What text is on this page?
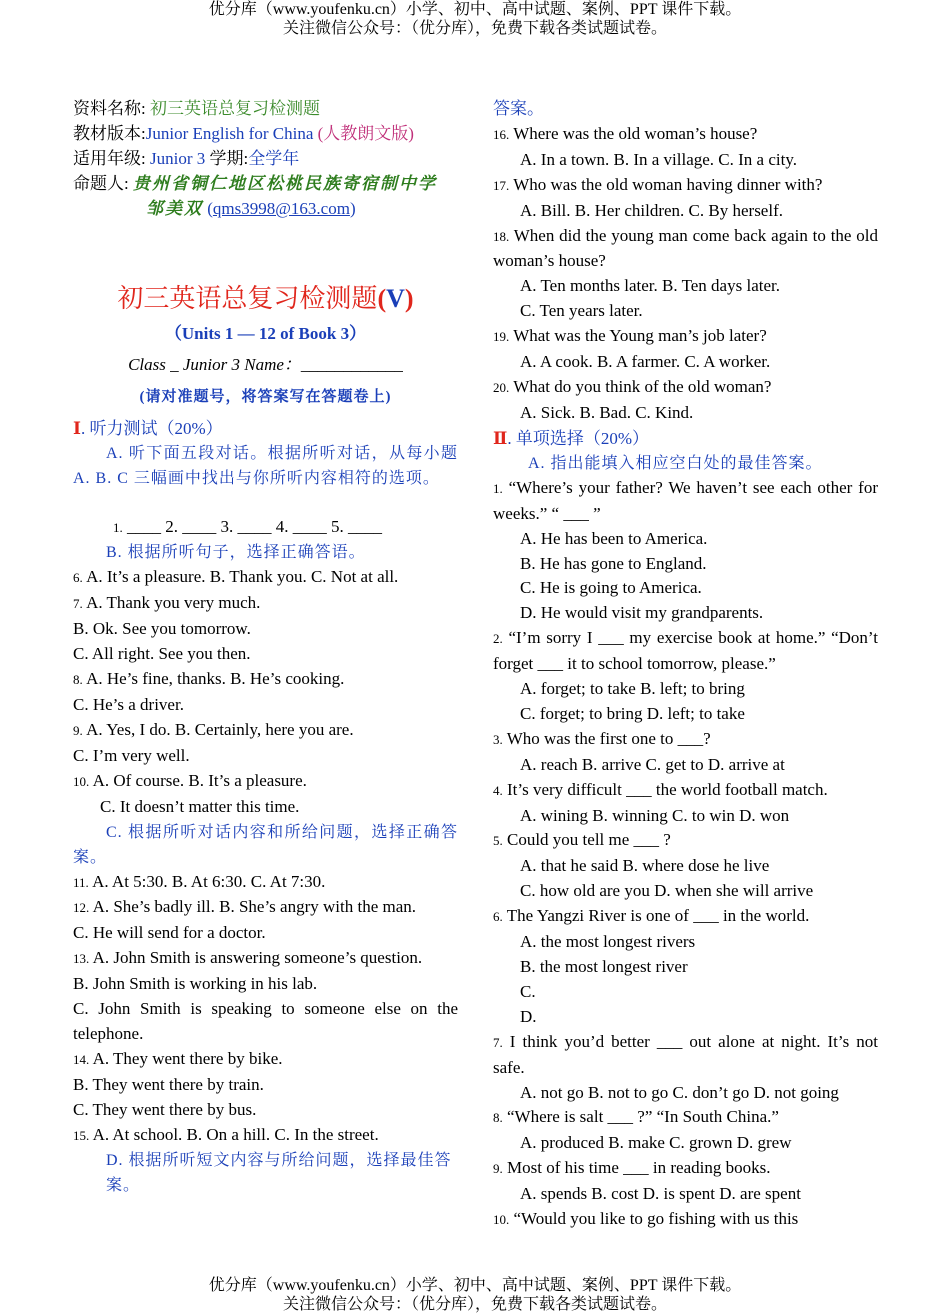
优分库（www.youfenku.cn）小学、初中、高中试题、案例、PPT 课件下载。

关注微信公众号：（优分库），免费下载各类试题试卷。

资料名称: 初三英语总复习检测题
教材版本:Junior English for China (人教朗文版)
适用年级: Junior 3 学期:全学年
命题人: 贵州省铜仁地区松桃民族寄宿制中学
邹美双 (qms3998@163.com)
初三英语总复习检测题(V)
（Units 1 — 12 of Book 3）
Class _ Junior 3 Name：____________
(请对准题号，将答案写在答题卷上)
Ⅰ. 听力测试（20%）
A. 听下面五段对话。根据所听对话，从每小题 A. B. C 三幅画中找出与你所听内容相符的选项。
1. ____ 2. ____ 3. ____ 4. ____ 5. ____
B. 根据所听句子，选择正确答语。
6. A. It’s a pleasure. B. Thank you. C. Not at all.
7. A. Thank you very much.
B. Ok. See you tomorrow.
C. All right. See you then.
8. A. He’s fine, thanks. B. He’s cooking.
C. He’s a driver.
9. A. Yes, I do. B. Certainly, here you are.
C. I’m very well.
10. A. Of course. B. It’s a pleasure.
C. It doesn’t matter this time.
C. 根据所听对话内容和所给问题，选择正确答案。
11. A. At 5:30. B. At 6:30. C. At 7:30.
12. A. She’s badly ill. B. She’s angry with the man.
C. He will send for a doctor.
13. A. John Smith is answering someone’s question.
B. John Smith is working in his lab.
C. John Smith is speaking to someone else on the telephone.
14. A. They went there by bike.
B. They went there by train.
C. They went there by bus.
15. A. At school. B. On a hill. C. In the street.
D. 根据所听短文内容与所给问题，选择最佳答案。
答案。
16. Where was the old woman’s house?
A. In a town. B. In a village. C. In a city.
17. Who was the old woman having dinner with?
A. Bill. B. Her children. C. By herself.
18. When did the young man come back again to the old woman’s house?
A. Ten months later. B. Ten days later.
C. Ten years later.
19. What was the Young man’s job later?
A. A cook. B. A farmer. C. A worker.
20. What do you think of the old woman?
A. Sick. B. Bad. C. Kind.
Ⅱ. 单项选择（20%）
A. 指出能填入相应空白处的最佳答案。
1. “Where’s your father? We haven’t see each other for weeks.” “ ___ ”
A. He has been to America.
B. He has gone to England.
C. He is going to America.
D. He would visit my grandparents.
2. “I’m sorry I ___ my exercise book at home.” “Don’t forget ___ it to school tomorrow, please.”
A. forget; to take B. left; to bring
C. forget; to bring D. left; to take
3. Who was the first one to ___?
A. reach B. arrive C. get to D. arrive at
4. It’s very difficult ___ the world football match.
A. wining B. winning C. to win D. won
5. Could you tell me ___ ?
A. that he said B. where dose he live
C. how old are you D. when she will arrive
6. The Yangzi River is one of ___ in the world.
A. the most longest rivers
B. the most longest river
C.
D.
7. I think you’d better ___ out alone at night. It’s not safe.
A. not go B. not to go C. don’t go D. not going
8. “Where is salt ___ ?” “In South China.”
A. produced B. make C. grown D. grew
9. Most of his time ___ in reading books.
A. spends B. cost D. is spent D. are spent
10. “Would you like to go fishing with us this

优分库（www.youfenku.cn）小学、初中、高中试题、案例、PPT 课件下载。

关注微信公众号：（优分库），免费下载各类试题试卷。
